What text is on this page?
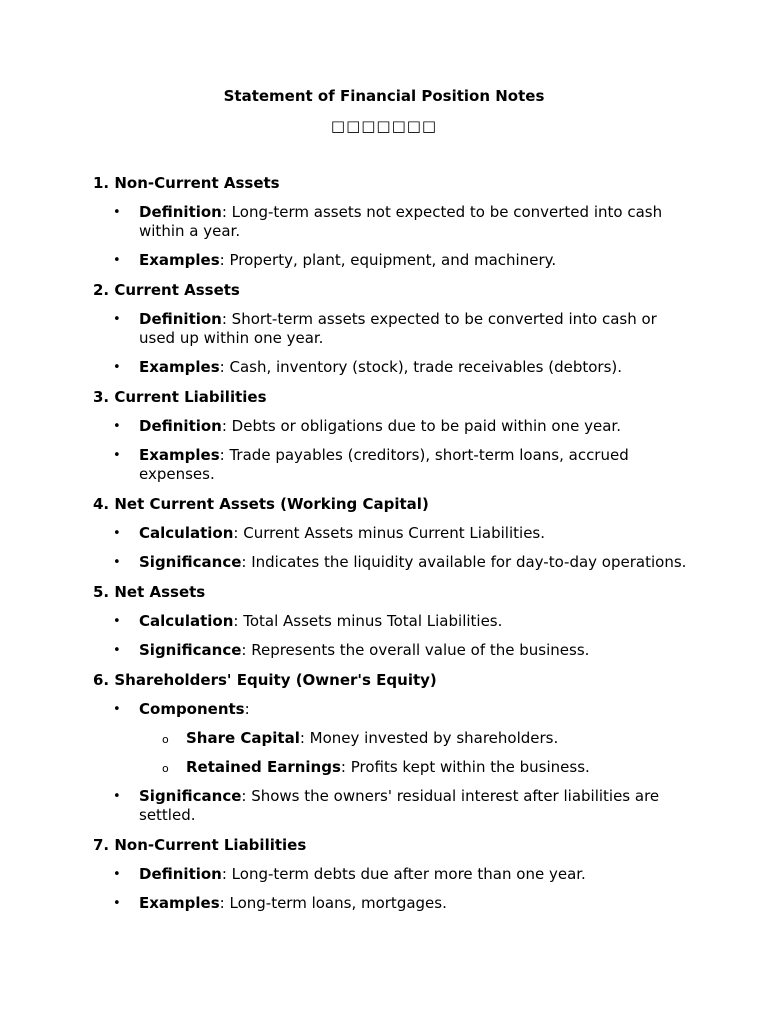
Statement of Financial Position Notes
□□□□□□□
1. Non-Current Assets
• Definition: Long-term assets not expected to be converted into cash within a year.
• Examples: Property, plant, equipment, and machinery.
2. Current Assets
• Definition: Short-term assets expected to be converted into cash or used up within one year.
• Examples: Cash, inventory (stock), trade receivables (debtors).
3. Current Liabilities
• Definition: Debts or obligations due to be paid within one year.
• Examples: Trade payables (creditors), short-term loans, accrued expenses.
4. Net Current Assets (Working Capital)
• Calculation: Current Assets minus Current Liabilities.
• Significance: Indicates the liquidity available for day-to-day operations.
5. Net Assets
• Calculation: Total Assets minus Total Liabilities.
• Significance: Represents the overall value of the business.
6. Shareholders' Equity (Owner's Equity)
• Components:
o Share Capital: Money invested by shareholders.
o Retained Earnings: Profits kept within the business.
• Significance: Shows the owners' residual interest after liabilities are settled.
7. Non-Current Liabilities
• Definition: Long-term debts due after more than one year.
• Examples: Long-term loans, mortgages.
